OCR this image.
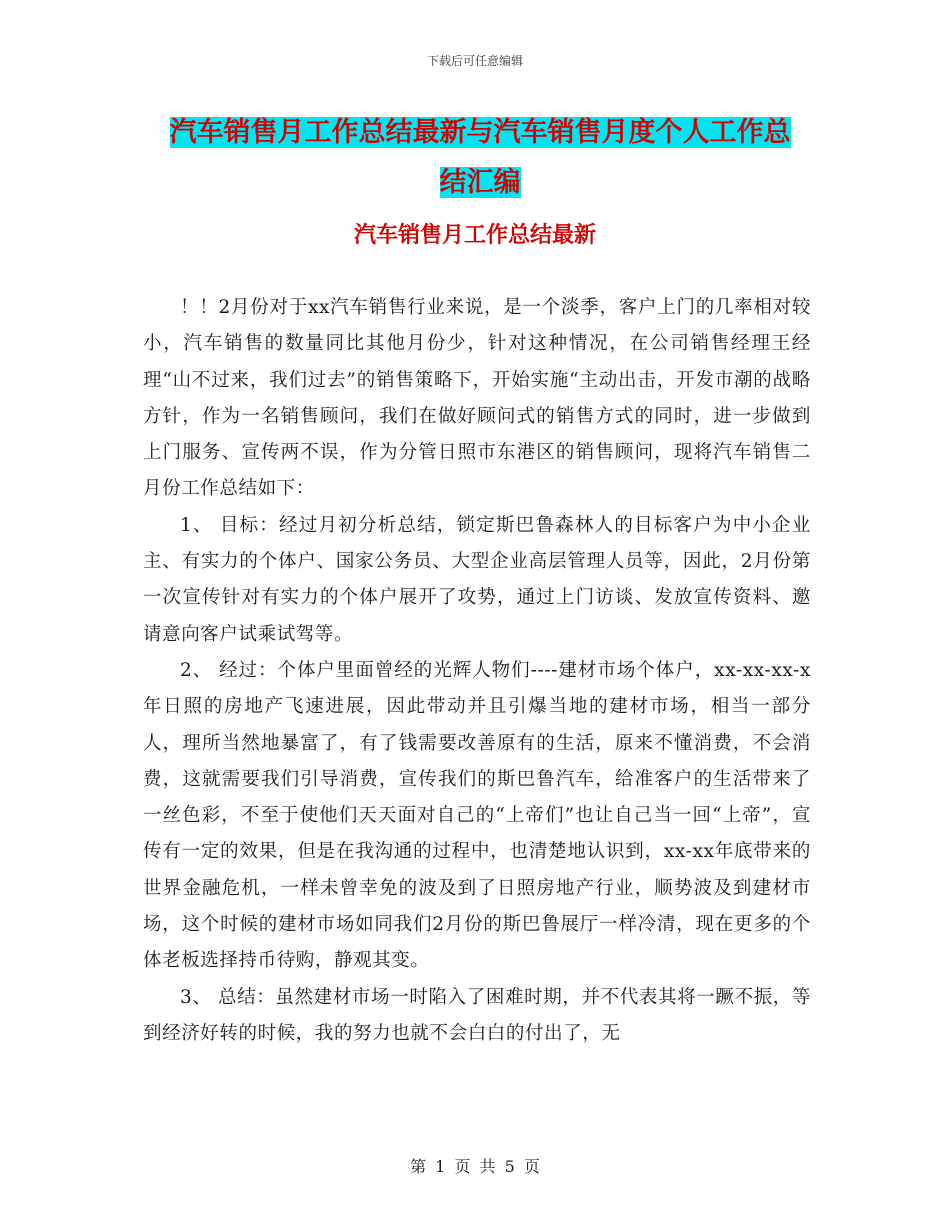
下载后可任意编辑
汽车销售月工作总结最新与汽车销售月度个人工作总
结汇编
汽车销售月工作总结最新

！！2月份对于xx汽车销售行业来说，是一个淡季，客户上门的几率相对较小，汽车销售的数量同比其他月份少，针对这种情况，在公司销售经理王经理“山不过来，我们过去”的销售策略下，开始实施“主动出击，开发市潮的战略方针，作为一名销售顾问，我们在做好顾问式的销售方式的同时，进一步做到上门服务、宣传两不误，作为分管日照市东港区的销售顾问，现将汽车销售二月份工作总结如下：

1、 目标：经过月初分析总结，锁定斯巴鲁森林人的目标客户为中小企业主、有实力的个体户、国家公务员、大型企业高层管理人员等，因此，2月份第一次宣传针对有实力的个体户展开了攻势，通过上门访谈、发放宣传资料、邀请意向客户试乘试驾等。

2、 经过：个体户里面曾经的光辉人物们----建材市场个体户，xx-xx-xx-x年日照的房地产飞速进展，因此带动并且引爆当地的建材市场，相当一部分人，理所当然地暴富了，有了钱需要改善原有的生活，原来不懂消费，不会消费，这就需要我们引导消费，宣传我们的斯巴鲁汽车，给准客户的生活带来了一丝色彩，不至于使他们天天面对自己的“上帝们”也让自己当一回“上帝”，宣传有一定的效果，但是在我沟通的过程中，也清楚地认识到，xx-xx年底带来的世界金融危机，一样未曾幸免的波及到了日照房地产行业，顺势波及到建材市场，这个时候的建材市场如同我们2月份的斯巴鲁展厅一样冷清，现在更多的个体老板选择持币待购，静观其变。

3、 总结：虽然建材市场一时陷入了困难时期，并不代表其将一蹶不振，等到经济好转的时候，我的努力也就不会白白的付出了，无

第 1 页 共 5 页
